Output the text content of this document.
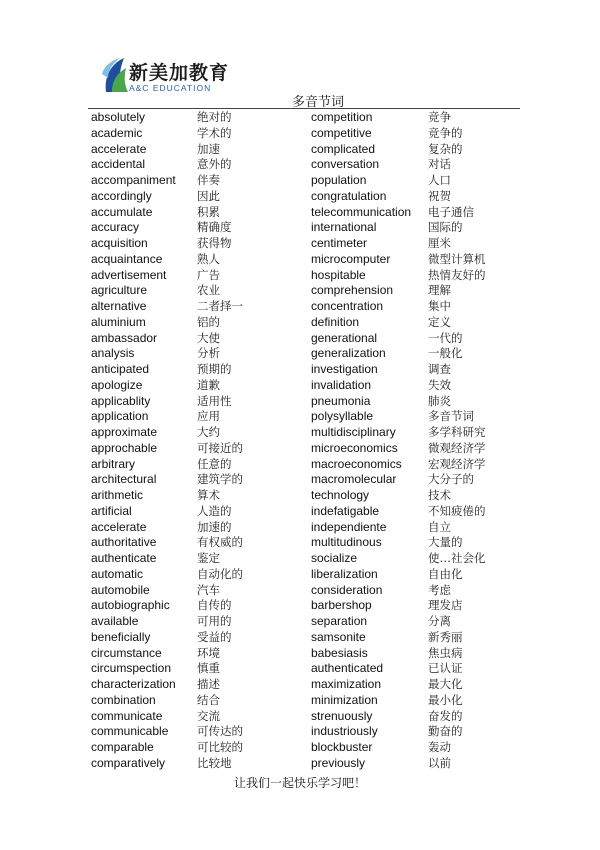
新美加教育
A&C EDUCATION
多音节词
absolutely	绝对的	competition	竞争
academic	学术的	competitive	竞争的
accelerate	加速	complicated	复杂的
accidental	意外的	conversation	对话
accompaniment 伴奏	population	人口
accordingly	因此	congratulation	祝贺
accumulate	积累	telecommunication 电子通信
accuracy	精确度	international	国际的
acquisition	获得物	centimeter	厘米
acquaintance	熟人	microcomputer	微型计算机
advertisement	广告	hospitable	热情友好的
agriculture	农业	comprehension	理解
alternative	二者择一	concentration	集中
aluminium	铝的	definition	定义
ambassador	大使	generational	一代的
analysis	分析	generalization	一般化
anticipated	预期的	investigation	调查
apologize	道歉	invalidation	失效
applicablity	适用性	pneumonia	肺炎
application	应用	polysyllable	多音节词
approximate	大约	multidisciplinary	多学科研究
approchable	可接近的	microeconomics	微观经济学
arbitrary	任意的	macroeconomics 宏观经济学
architectural	建筑学的	macromolecular	大分子的
arithmetic	算术	technology	技术
artificial	人造的	indefatigable	不知疲倦的
accelerate	加速的	independiente	自立
authoritative	有权威的	multitudinous	大量的
authenticate	鉴定	socialize	使…社会化
automatic	自动化的	liberalization	自由化
automobile	汽车	consideration	考虑
autobiographic 自传的	barbershop	理发店
available	可用的	separation	分离
beneficially	受益的	samsonite	新秀丽
circumstance	环境	babesiasis	焦虫病
circumspection 慎重	authenticated	已认证
characterization 描述	maximization	最大化
combination	结合	minimization	最小化
communicate	交流	strenuously	奋发的
communicable 可传达的	industriously	勤奋的
comparable	可比较的	blockbuster	轰动
comparatively	比较地	previously	以前
让我们一起快乐学习吧！
